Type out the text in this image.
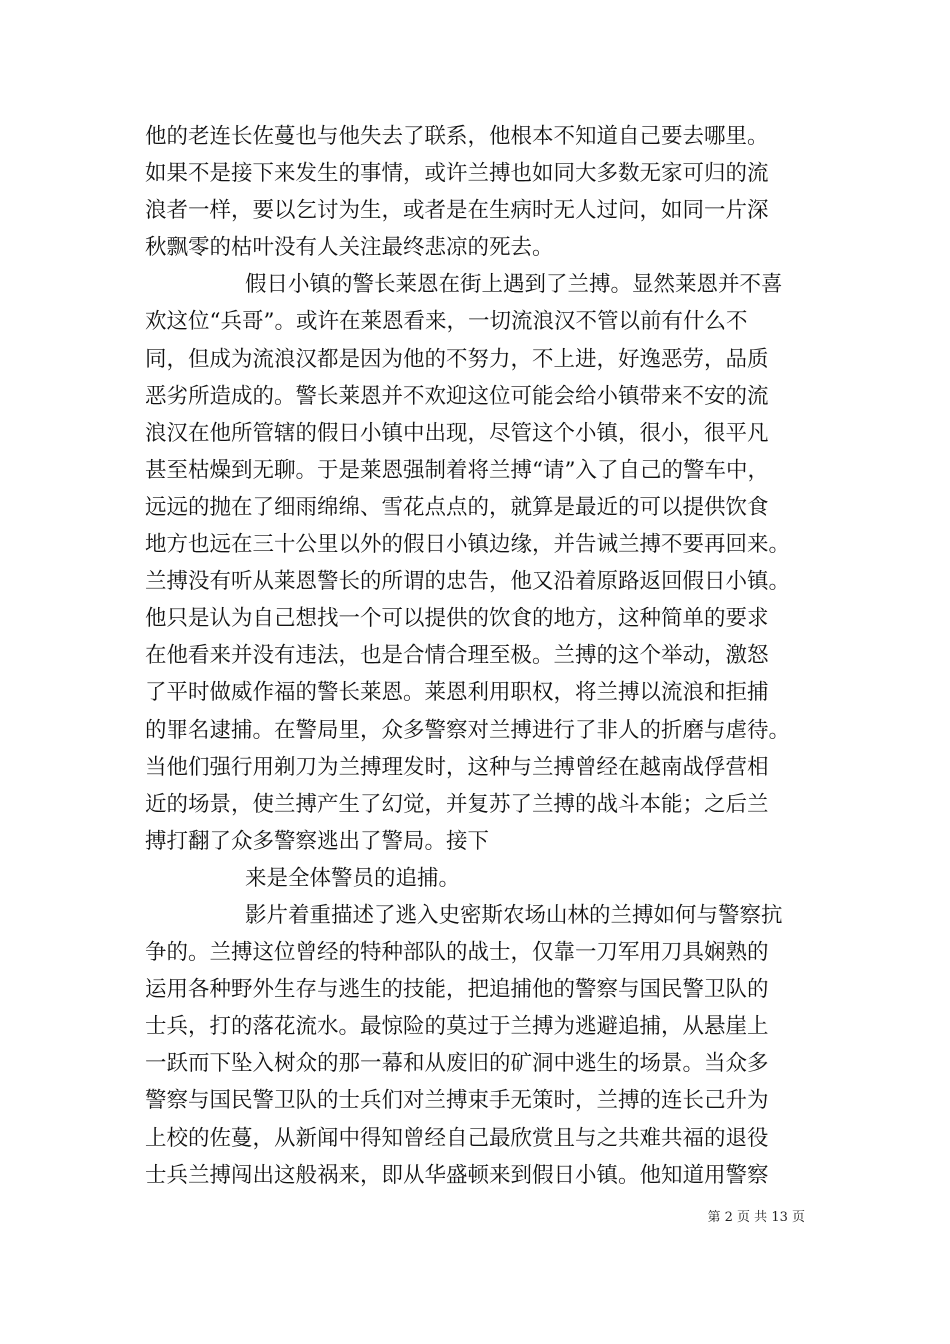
他的老连长佐蔓也与他失去了联系，他根本不知道自己要去哪里。
如果不是接下来发生的事情，或许兰搏也如同大多数无家可归的流
浪者一样，要以乞讨为生，或者是在生病时无人过问，如同一片深
秋飘零的枯叶没有人关注最终悲凉的死去。
假日小镇的警长莱恩在街上遇到了兰搏。显然莱恩并不喜
欢这位“兵哥”。或许在莱恩看来，一切流浪汉不管以前有什么不
同，但成为流浪汉都是因为他的不努力，不上进，好逸恶劳，品质
恶劣所造成的。警长莱恩并不欢迎这位可能会给小镇带来不安的流
浪汉在他所管辖的假日小镇中出现，尽管这个小镇，很小，很平凡
甚至枯燥到无聊。于是莱恩强制着将兰搏“请”入了自己的警车中，
远远的抛在了细雨绵绵、雪花点点的，就算是最近的可以提供饮食
地方也远在三十公里以外的假日小镇边缘，并告诫兰搏不要再回来。
兰搏没有听从莱恩警长的所谓的忠告，他又沿着原路返回假日小镇。
他只是认为自己想找一个可以提供的饮食的地方，这种简单的要求
在他看来并没有违法，也是合情合理至极。兰搏的这个举动，激怒
了平时做威作福的警长莱恩。莱恩利用职权，将兰搏以流浪和拒捕
的罪名逮捕。在警局里，众多警察对兰搏进行了非人的折磨与虐待。
当他们强行用剃刀为兰搏理发时，这种与兰搏曾经在越南战俘营相
近的场景，使兰搏产生了幻觉，并复苏了兰搏的战斗本能；之后兰
搏打翻了众多警察逃出了警局。接下
来是全体警员的追捕。
影片着重描述了逃入史密斯农场山林的兰搏如何与警察抗
争的。兰搏这位曾经的特种部队的战士，仅靠一刀军用刀具娴熟的
运用各种野外生存与逃生的技能，把追捕他的警察与国民警卫队的
士兵，打的落花流水。最惊险的莫过于兰搏为逃避追捕，从悬崖上
一跃而下坠入树众的那一幕和从废旧的矿洞中逃生的场景。当众多
警察与国民警卫队的士兵们对兰搏束手无策时，兰搏的连长己升为
上校的佐蔓，从新闻中得知曾经自己最欣赏且与之共难共福的退役
士兵兰搏闯出这般祸来，即从华盛顿来到假日小镇。他知道用警察
第 2 页 共 13 页
